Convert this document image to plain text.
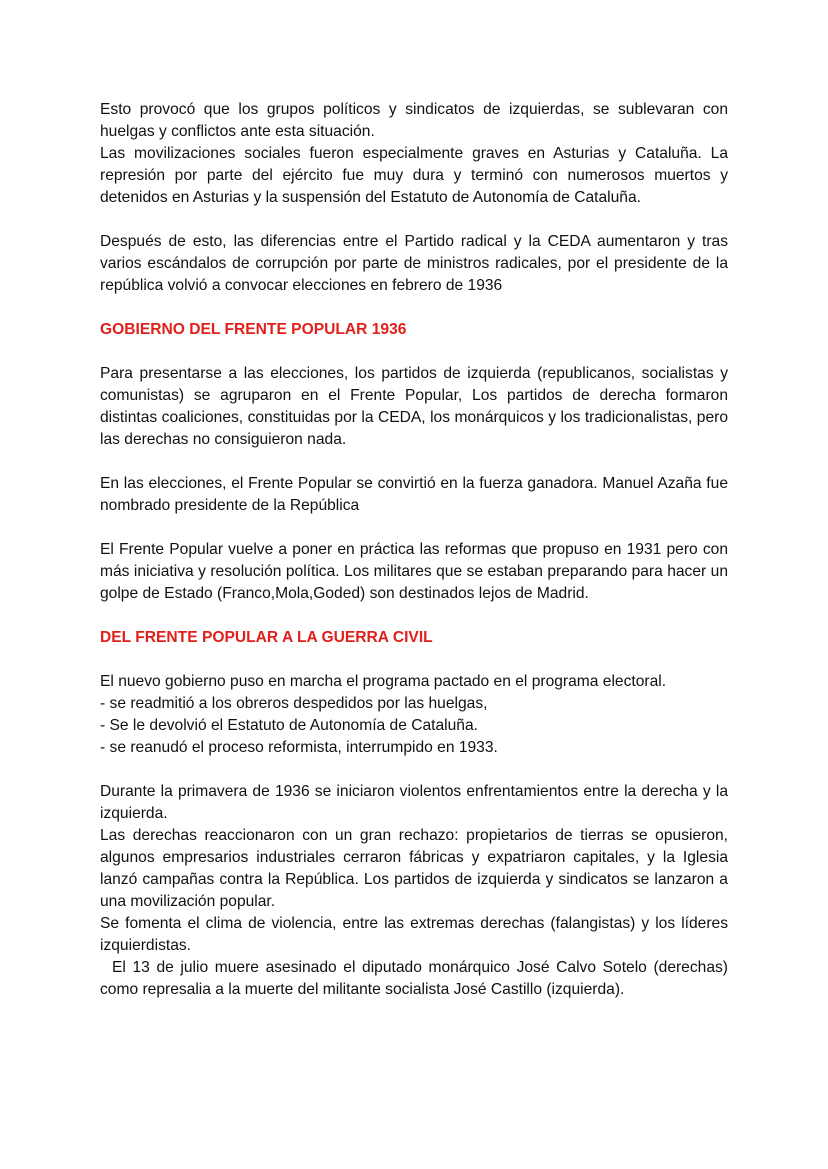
Esto provocó que los grupos políticos y sindicatos de izquierdas, se sublevaran con huelgas y conflictos ante esta situación.

Las movilizaciones sociales fueron especialmente graves en Asturias y Cataluña. La represión por parte del ejército fue muy dura y terminó con numerosos muertos y detenidos en Asturias y la suspensión del Estatuto de Autonomía de Cataluña.

Después de esto, las diferencias entre el Partido radical y la CEDA aumentaron y tras varios escándalos de corrupción por parte de ministros radicales, por el presidente de la república volvió a convocar elecciones en febrero de 1936

GOBIERNO DEL FRENTE POPULAR 1936

Para presentarse a las elecciones, los partidos de izquierda (republicanos, socialistas y comunistas) se agruparon en el Frente Popular, Los partidos de derecha formaron distintas coaliciones, constituidas por la CEDA, los monárquicos y los tradicionalistas, pero las derechas no consiguieron nada.

En las elecciones, el Frente Popular se convirtió en la fuerza ganadora. Manuel Azaña fue nombrado presidente de la República

El Frente Popular vuelve a poner en práctica las reformas que propuso en 1931 pero con más iniciativa y resolución política. Los militares que se estaban preparando para hacer un golpe de Estado (Franco,Mola,Goded) son destinados lejos de Madrid.

DEL FRENTE POPULAR A LA GUERRA CIVIL

El nuevo gobierno puso en marcha el programa pactado en el programa electoral.

- se readmitió a los obreros despedidos por las huelgas,

- Se le devolvió el Estatuto de Autonomía de Cataluña.

- se reanudó el proceso reformista, interrumpido en 1933.

Durante la primavera de 1936 se iniciaron violentos enfrentamientos entre la derecha y la izquierda.

Las derechas reaccionaron con un gran rechazo: propietarios de tierras se opusieron, algunos empresarios industriales cerraron fábricas y expatriaron capitales, y la Iglesia lanzó campañas contra la República. Los partidos de izquierda y sindicatos se lanzaron a una movilización popular.

Se fomenta el clima de violencia, entre las extremas derechas (falangistas) y los líderes izquierdistas.

El 13 de julio muere asesinado el diputado monárquico José Calvo Sotelo (derechas) como represalia a la muerte del militante socialista José Castillo (izquierda).
